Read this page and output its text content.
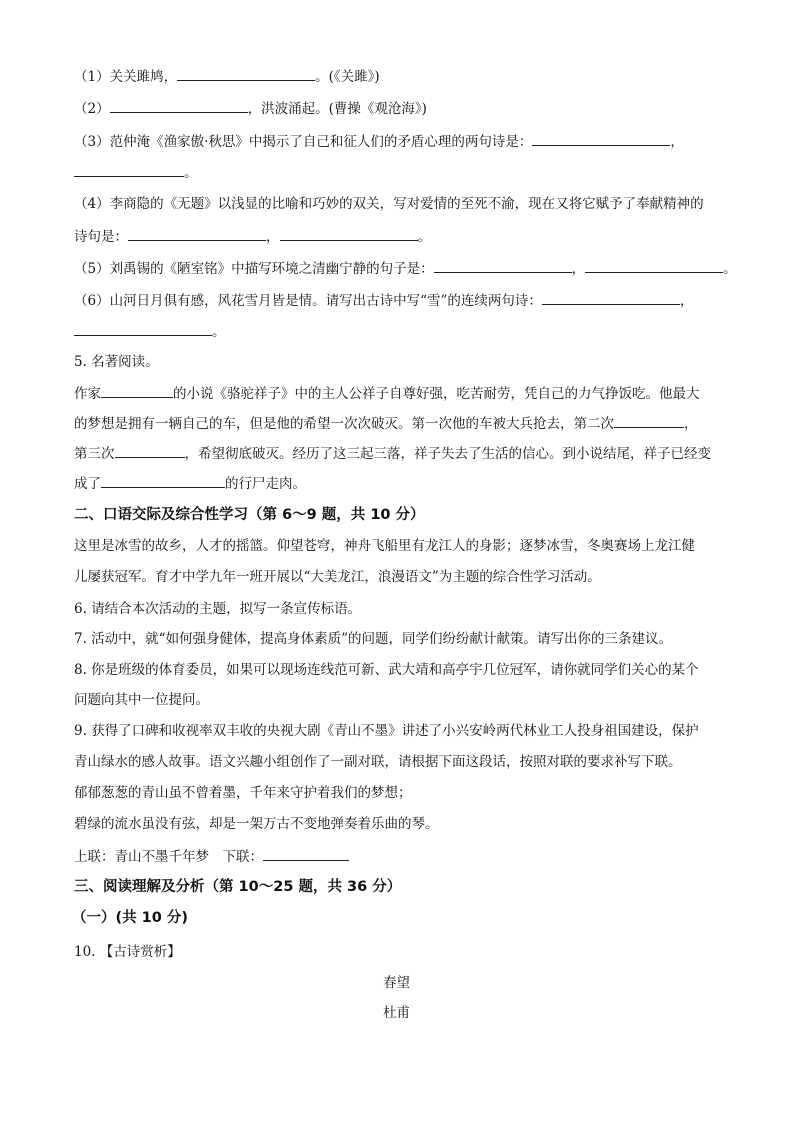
（1）关关雎鸠，	。(《关雎》)
（2）	，洪波涌起。(曹操《观沧海》)
（3）范仲淹《渔家傲·秋思》中揭示了自己和征人们的矛盾心理的两句诗是：	，
。
（4）李商隐的《无题》以浅显的比喻和巧妙的双关，写对爱情的至死不渝，现在又将它赋予了奉献精神的
诗句是：	，	。
（5）刘禹锡的《陋室铭》中描写环境之清幽宁静的句子是：	，	。
（6）山河日月俱有感，风花雪月皆是情。请写出古诗中写“雪”的连续两句诗：	，
。
5. 名著阅读。
作家	的小说《骆驼祥子》中的主人公祥子自尊好强，吃苦耐劳，凭自己的力气挣饭吃。他最大
的梦想是拥有一辆自己的车，但是他的希望一次次破灭。第一次他的车被大兵抢去，第二次	，
第三次	，希望彻底破灭。经历了这三起三落，祥子失去了生活的信心。到小说结尾，祥子已经变
成了	的行尸走肉。
二、口语交际及综合性学习（第 6～9 题，共 10 分）
这里是冰雪的故乡，人才的摇篮。仰望苍穹，神舟飞船里有龙江人的身影；逐梦冰雪，冬奥赛场上龙江健
儿屡获冠军。育才中学九年一班开展以“大美龙江，浪漫语文”为主题的综合性学习活动。
6. 请结合本次活动的主题，拟写一条宣传标语。
7. 活动中，就“如何强身健体，提高身体素质”的问题，同学们纷纷献计献策。请写出你的三条建议。
8. 你是班级的体育委员，如果可以现场连线范可新、武大靖和高亭宇几位冠军，请你就同学们关心的某个
问题向其中一位提问。
9. 获得了口碑和收视率双丰收的央视大剧《青山不墨》讲述了小兴安岭两代林业工人投身祖国建设，保护
青山绿水的感人故事。语文兴趣小组创作了一副对联，请根据下面这段话，按照对联的要求补写下联。
郁郁葱葱的青山虽不曾着墨，千年来守护着我们的梦想；
碧绿的流水虽没有弦，却是一架万古不变地弹奏着乐曲的琴。
上联：青山不墨千年梦　下联：
三、阅读理解及分析（第 10～25 题，共 36 分）
（一）(共 10 分)
10. 【古诗赏析】
春望
杜甫
